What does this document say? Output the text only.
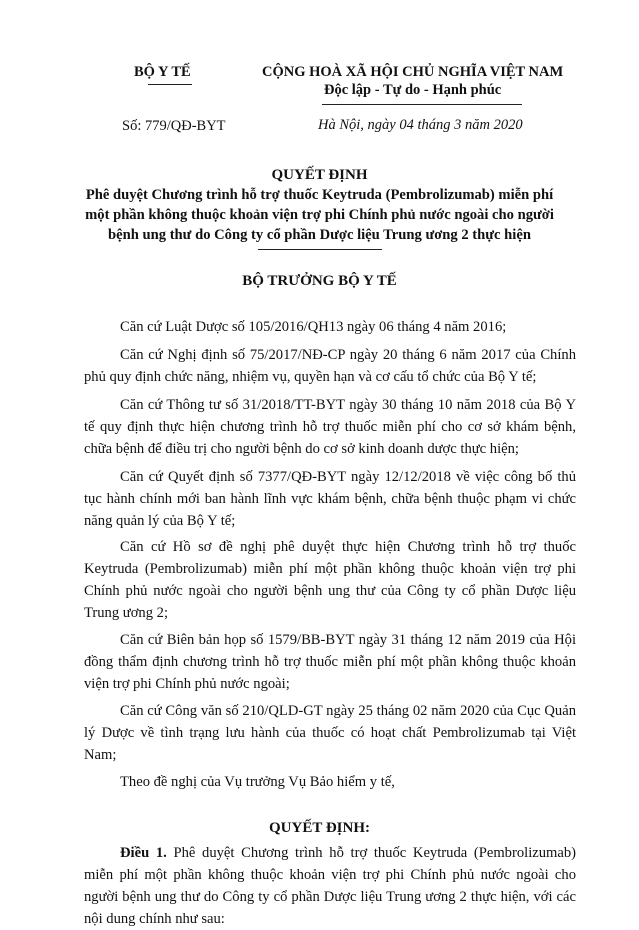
BỘ Y TẾ	CỘNG HOÀ XÃ HỘI CHỦ NGHĨA VIỆT NAM
Độc lập - Tự do - Hạnh phúc
Số: 779/QĐ-BYT	Hà Nội, ngày 04 tháng 3 năm 2020
QUYẾT ĐỊNH
Phê duyệt Chương trình hỗ trợ thuốc Keytruda (Pembrolizumab) miễn phí
một phần không thuộc khoản viện trợ phi Chính phủ nước ngoài cho người
bệnh ung thư do Công ty cổ phần Dược liệu Trung ương 2 thực hiện
BỘ TRƯỞNG BỘ Y TẾ
Căn cứ Luật Dược số 105/2016/QH13 ngày 06 tháng 4 năm 2016;
Căn cứ Nghị định số 75/2017/NĐ-CP ngày 20 tháng 6 năm 2017 của Chính phủ quy định chức năng, nhiệm vụ, quyền hạn và cơ cấu tổ chức của Bộ Y tế;
Căn cứ Thông tư số 31/2018/TT-BYT ngày 30 tháng 10 năm 2018 của Bộ Y tế quy định thực hiện chương trình hỗ trợ thuốc miễn phí cho cơ sở khám bệnh, chữa bệnh để điều trị cho người bệnh do cơ sở kinh doanh dược thực hiện;
Căn cứ Quyết định số 7377/QĐ-BYT ngày 12/12/2018 về việc công bố thủ tục hành chính mới ban hành lĩnh vực khám bệnh, chữa bệnh thuộc phạm vi chức năng quản lý của Bộ Y tế;
Căn cứ Hồ sơ đề nghị phê duyệt thực hiện Chương trình hỗ trợ thuốc Keytruda (Pembrolizumab) miễn phí một phần không thuộc khoản viện trợ phi Chính phủ nước ngoài cho người bệnh ung thư của Công ty cổ phần Dược liệu Trung ương 2;
Căn cứ Biên bản họp số 1579/BB-BYT ngày 31 tháng 12 năm 2019 của Hội đồng thẩm định chương trình hỗ trợ thuốc miễn phí một phần không thuộc khoản viện trợ phi Chính phủ nước ngoài;
Căn cứ Công văn số 210/QLD-GT ngày 25 tháng 02 năm 2020 của Cục Quản lý Dược về tình trạng lưu hành của thuốc có hoạt chất Pembrolizumab tại Việt Nam;
Theo đề nghị của Vụ trưởng Vụ Bảo hiểm y tế,
QUYẾT ĐỊNH:
Điều 1. Phê duyệt Chương trình hỗ trợ thuốc Keytruda (Pembrolizumab) miễn phí một phần không thuộc khoản viện trợ phi Chính phủ nước ngoài cho người bệnh ung thư do Công ty cổ phần Dược liệu Trung ương 2 thực hiện, với các nội dung chính như sau:
